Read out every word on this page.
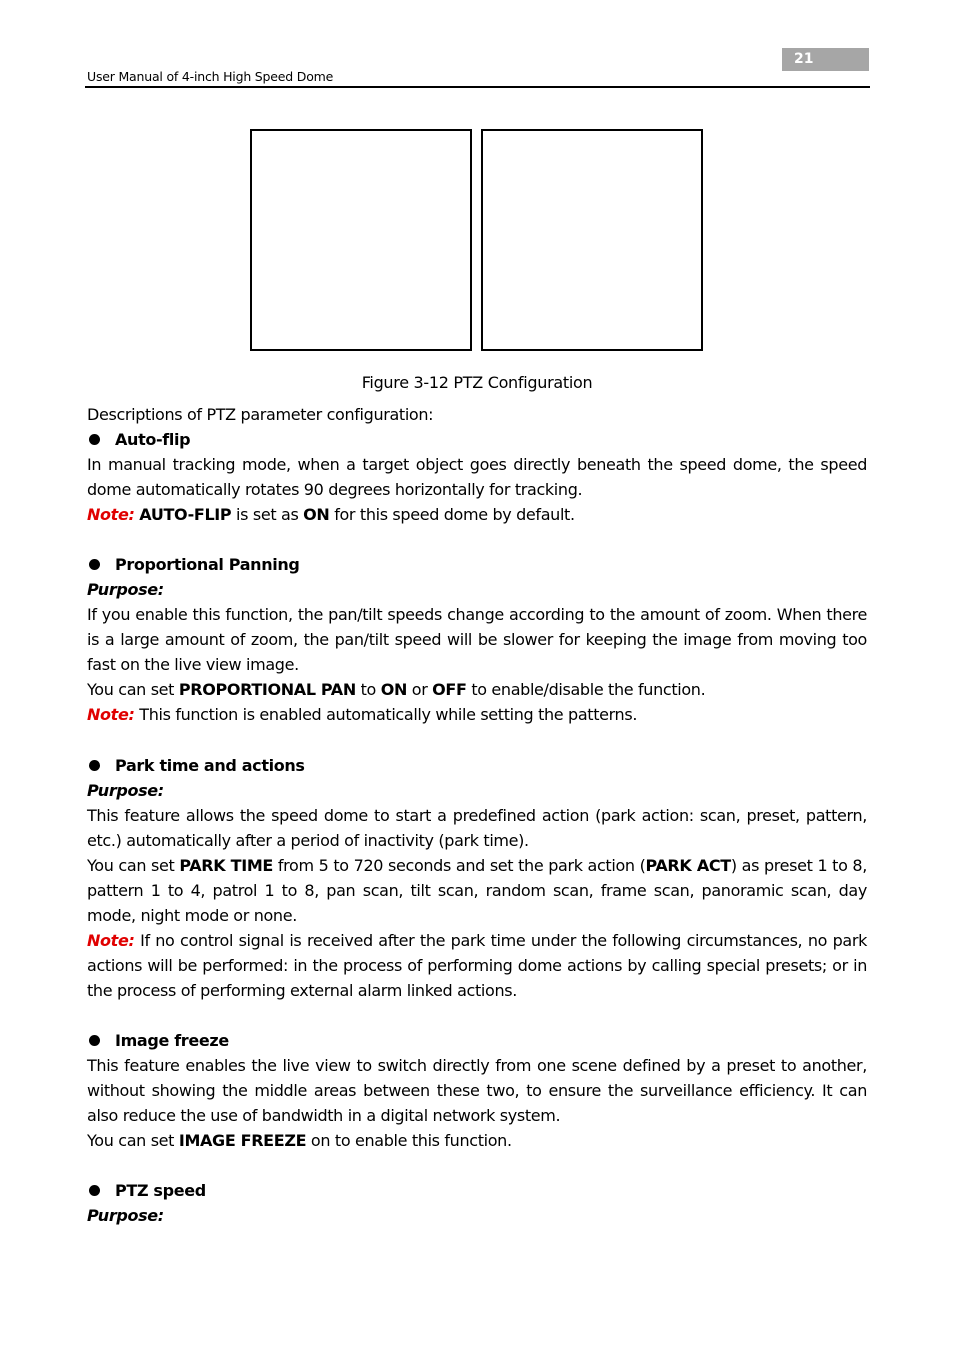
User Manual of 4-inch High Speed Dome
21
Figure 3-12 PTZ Configuration

Descriptions of PTZ parameter configuration:

Auto-flip

In manual tracking mode, when a target object goes directly beneath the speed dome, the speed dome automatically rotates 90 degrees horizontally for tracking.

Note: AUTO-FLIP is set as ON for this speed dome by default.

Proportional Panning

Purpose:

If you enable this function, the pan/tilt speeds change according to the amount of zoom. When there is a large amount of zoom, the pan/tilt speed will be slower for keeping the image from moving too fast on the live view image.

You can set PROPORTIONAL PAN to ON or OFF to enable/disable the function.

Note: This function is enabled automatically while setting the patterns.

Park time and actions

Purpose:

This feature allows the speed dome to start a predefined action (park action: scan, preset, pattern, etc.) automatically after a period of inactivity (park time).

You can set PARK TIME from 5 to 720 seconds and set the park action (PARK ACT) as preset 1 to 8, pattern 1 to 4, patrol 1 to 8, pan scan, tilt scan, random scan, frame scan, panoramic scan, day mode, night mode or none.

Note: If no control signal is received after the park time under the following circumstances, no park actions will be performed: in the process of performing dome actions by calling special presets; or in the process of performing external alarm linked actions.

Image freeze

This feature enables the live view to switch directly from one scene defined by a preset to another, without showing the middle areas between these two, to ensure the surveillance efficiency. It can also reduce the use of bandwidth in a digital network system.

You can set IMAGE FREEZE on to enable this function.

PTZ speed

Purpose:
